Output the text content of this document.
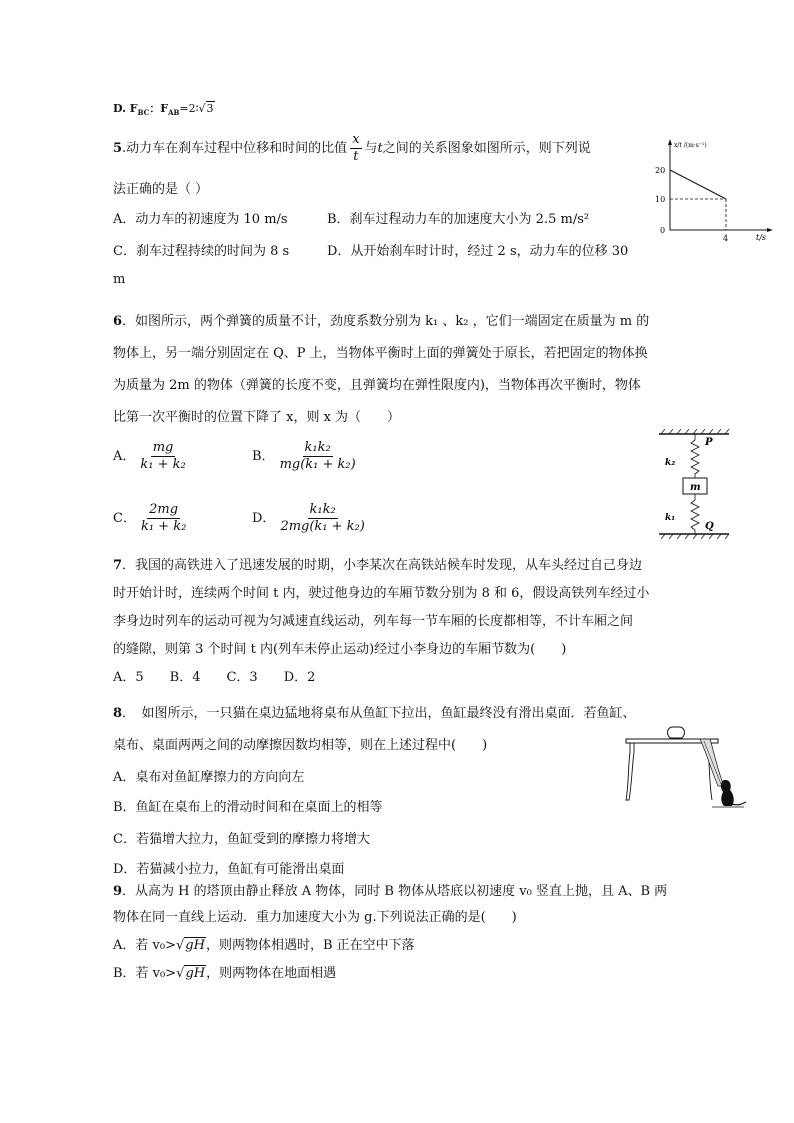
D. $F_{BC}$：$F_{AB}=2∶√3$
5.动力车在刹车过程中位移和时间的比值 $\frac{x}{t}$ 与t之间的关系图象如图所示，则下列说
法正确的是（ ）
A．动力车的初速度为 10 m/s	B．刹车过程动力车的加速度大小为 2.5 m/s²
C．刹车过程持续的时间为 8 s	D．从开始刹车时计时，经过 2 s，动力车的位移 30
m
x/t /(m·s⁻¹)
20
10
0
4	t/s
6．如图所示，两个弹簧的质量不计，劲度系数分别为 k₁ 、k₂ ，它们一端固定在质量为 m 的
物体上，另一端分别固定在 Q、P 上，当物体平衡时上面的弹簧处于原长，若把固定的物体换
为质量为 2m 的物体（弹簧的长度不变，且弹簧均在弹性限度内)，当物体再次平衡时，物体
比第一次平衡时的位置下降了 x，则 x 为（　　）
A． $\frac{mg}{\text{k₁ + k₂}}$	B． $\frac{\text{k₁k₂}}{\text{mg(k₁ + k₂)}}$
C． $\frac{2mg}{\text{k₁ + k₂}}$	D． $\frac{\text{k₁k₂}}{\text{2mg(k₁ + k₂)}}$
P
k₂
m
k₁
Q
7．我国的高铁进入了迅速发展的时期，小李某次在高铁站候车时发现，从车头经过自己身边
时开始计时，连续两个时间 t 内，驶过他身边的车厢节数分别为 8 和 6，假设高铁列车经过小
李身边时列车的运动可视为匀减速直线运动，列车每一节车厢的长度都相等，不计车厢之间
的缝隙，则第 3 个时间 t 内(列车未停止运动)经过小李身边的车厢节数为(　　)
A．5　　B．4　　C．3　　D．2
8．　如图所示，一只猫在桌边猛地将桌布从鱼缸下拉出，鱼缸最终没有滑出桌面．若鱼缸、
桌布、桌面两两之间的动摩擦因数均相等，则在上述过程中(　　)
A．桌布对鱼缸摩擦力的方向向左
B．鱼缸在桌布上的滑动时间和在桌面上的相等
C．若猫增大拉力，鱼缸受到的摩擦力将增大
D．若猫减小拉力，鱼缸有可能滑出桌面
9．从高为 H 的塔顶由静止释放 A 物体，同时 B 物体从塔底以初速度 v₀ 竖直上抛，且 A、B 两
物体在同一直线上运动．重力加速度大小为 g.下列说法正确的是(　　)
A．若 v₀>√gH，则两物体相遇时，B 正在空中下落
B．若 v₀>√gH，则两物体在地面相遇
